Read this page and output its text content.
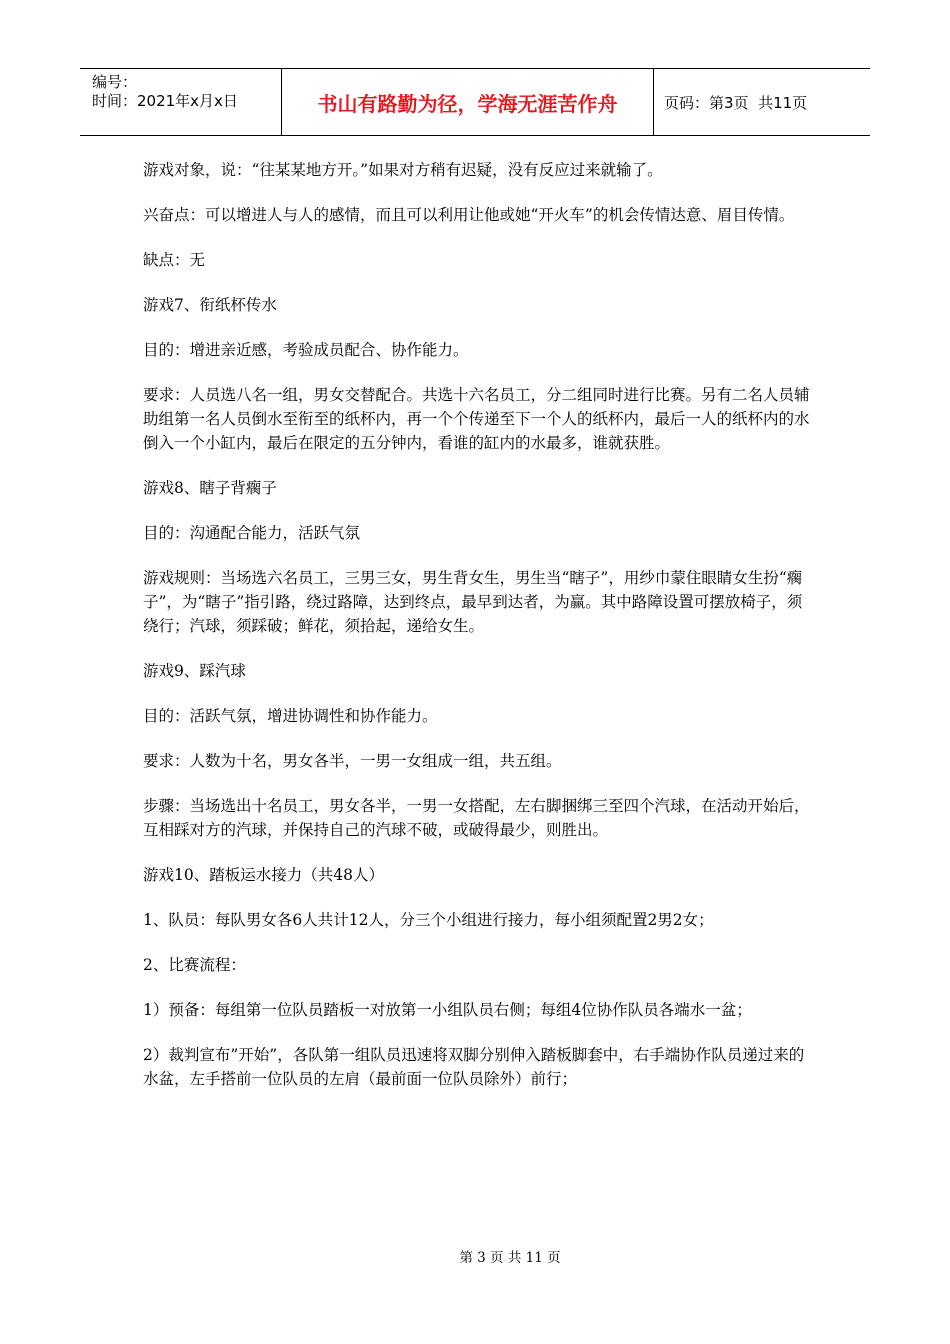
编号：
时间：2021年x月x日	书山有路勤为径，学海无涯苦作舟	页码：第3页  共11页

游戏对象，说：“往某某地方开。”如果对方稍有迟疑，没有反应过来就输了。

兴奋点：可以增进人与人的感情，而且可以利用让他或她“开火车”的机会传情达意、眉目传情。

缺点：无

游戏7、衔纸杯传水

目的：增进亲近感，考验成员配合、协作能力。

要求：人员选八名一组，男女交替配合。共选十六名员工，分二组同时进行比赛。另有二名人员辅助组第一名人员倒水至衔至的纸杯内，再一个个传递至下一个人的纸杯内，最后一人的纸杯内的水倒入一个小缸内，最后在限定的五分钟内，看谁的缸内的水最多，谁就获胜。

游戏8、瞎子背瘸子

目的：沟通配合能力，活跃气氛

游戏规则：当场选六名员工，三男三女，男生背女生，男生当“瞎子”，用纱巾蒙住眼睛女生扮“瘸子”，为“瞎子”指引路，绕过路障，达到终点，最早到达者，为赢。其中路障设置可摆放椅子，须绕行；汽球，须踩破；鲜花，须拾起，递给女生。

游戏9、踩汽球

目的：活跃气氛，增进协调性和协作能力。

要求：人数为十名，男女各半，一男一女组成一组，共五组。

步骤：当场选出十名员工，男女各半，一男一女搭配，左右脚捆绑三至四个汽球，在活动开始后，互相踩对方的汽球，并保持自己的汽球不破，或破得最少，则胜出。

游戏10、踏板运水接力（共48人）

1、队员：每队男女各6人共计12人，分三个小组进行接力，每小组须配置2男2女；

2、比赛流程：

1）预备：每组第一位队员踏板一对放第一小组队员右侧；每组4位协作队员各端水一盆；

2）裁判宣布”开始”，各队第一组队员迅速将双脚分别伸入踏板脚套中，右手端协作队员递过来的水盆，左手搭前一位队员的左肩（最前面一位队员除外）前行；

第 3 页 共 11 页
